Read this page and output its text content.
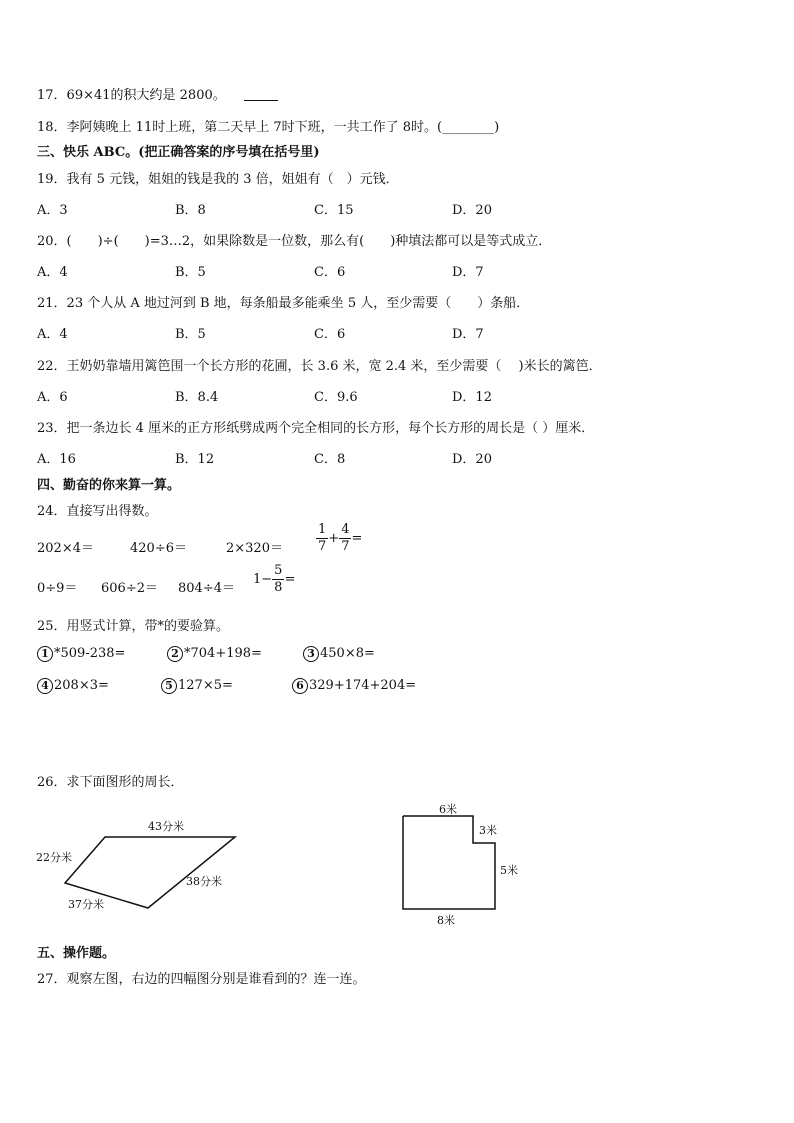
17．69×41的积大约是 2800。
18．李阿姨晚上 11时上班，第二天早上 7时下班，一共工作了 8时。(________)
三、快乐 ABC。(把正确答案的序号填在括号里)
19．我有 5 元钱，姐姐的钱是我的 3 倍，姐姐有（　）元钱．
A．3	B．8	C．15	D．20
20．(　　)÷(　　)=3…2，如果除数是一位数，那么有(　　)种填法都可以是等式成立．
A．4	B．5	C．6	D．7
21．23 个人从 A 地过河到 B 地，每条船最多能乘坐 5 人，至少需要（　　）条船．
A．4	B．5	C．6	D．7
22．王奶奶靠墙用篱笆围一个长方形的花圃，长 3.6 米，宽 2.4 米，至少需要（　 )米长的篱笆．
A．6	B．8.4	C．9.6	D．12
23．把一条边长 4 厘米的正方形纸劈成两个完全相同的长方形，每个长方形的周长是（ ）厘米．
A．16	B．12	C．8	D．20
四、勤奋的你来算一算。
24．直接写出得数。
202×4＝	420÷6＝	2×320＝	$\frac{1}{7} + \frac{4}{7}$ =
0÷9＝ 606÷2＝ 804÷4＝
$1- \frac{5}{8}$ =
25．用竖式计算，带*的要验算。
1 *509-238=	2 *704+198=	3 450×8=
4 208×3=	5 127×5=	6 329+174+204=
26．求下面图形的周长．
43分米
22分米
38分米
37分米
6米
3米
5米
8米
五、操作题。
27．观察左图，右边的四幅图分别是谁看到的？连一连。
